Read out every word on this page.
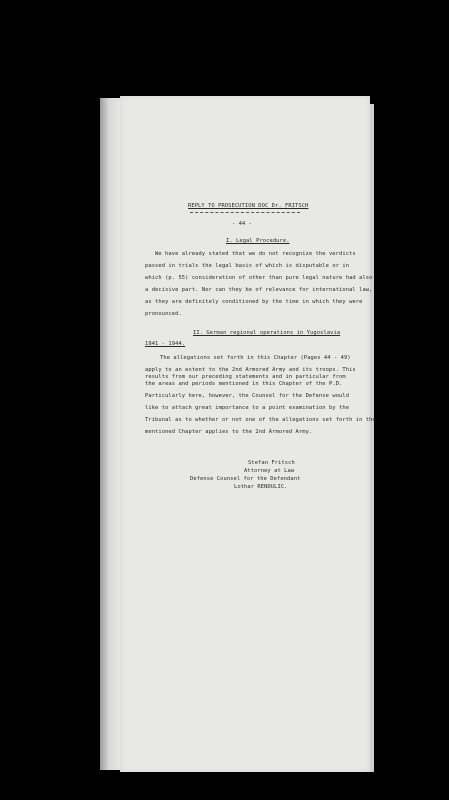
REPLY TO PROSECUTION DOC Dr. FRITSCH
- 44 -
I. Legal Procedure.
We have already stated that we do not recognize the verdicts
passed in trials the legal basis of which is disputable or in
which (p. 55) consideration of other than pure legal nature had also
a decisive part. Nor can they be of relevance for international law,
as they are definitely conditioned by the time in which they were
pronounced.
II. German regional operations in Yugoslavia
1941 - 1944.
The allegations set forth in this Chapter (Pages 44 - 49)
apply to an extent to the 2nd Armored Army and its troops. This
results from our preceding statements and in particular from
the areas and periods mentioned in this Chapter of the P.D.
Particularly here, however, the Counsel for the Defense would
like to attach great importance to a point examination by the
Tribunal as to whether or not one of the allegations set forth in the
mentioned Chapter applies to the 2nd Armored Army.
Stefan Fritsch
Attorney at Law
Defense Counsel for the Defendant
Lothar RENDULIC.
